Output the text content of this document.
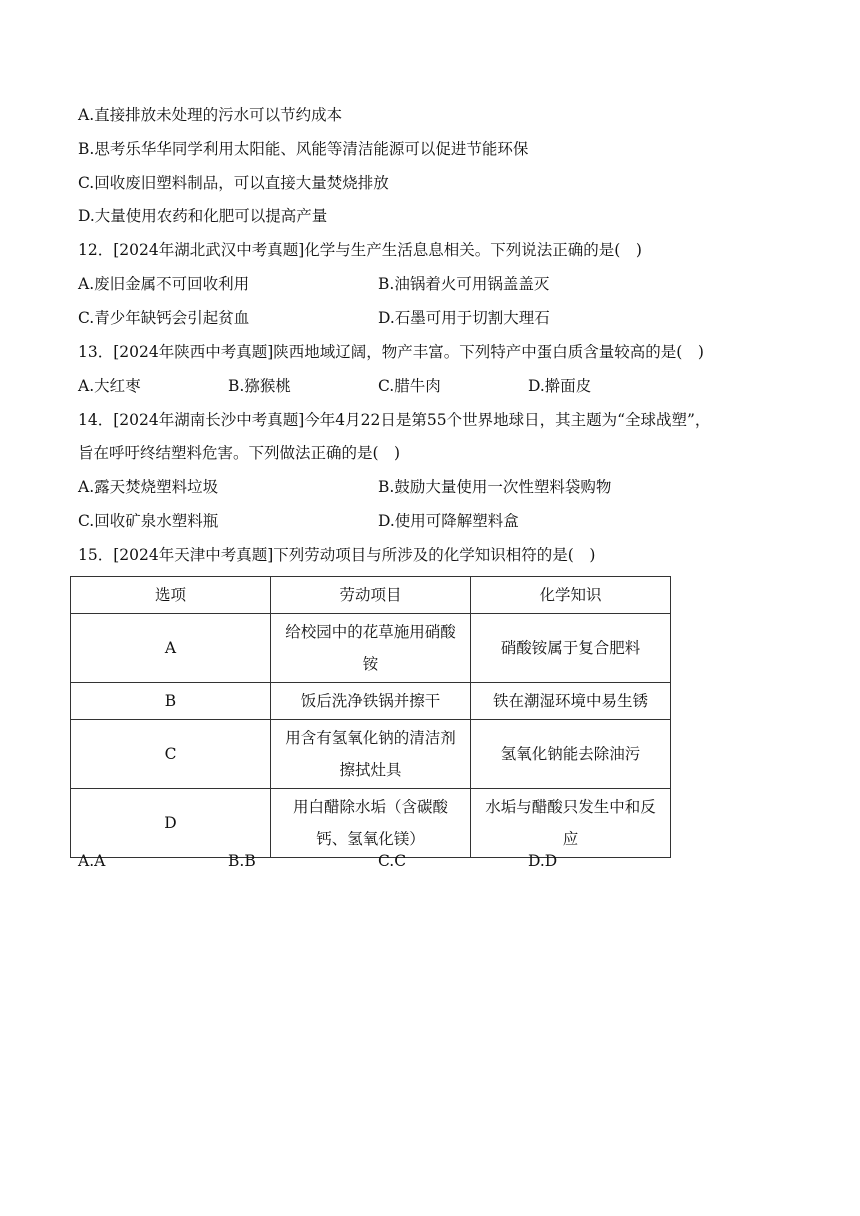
A.直接排放未处理的污水可以节约成本
B.思考乐华华同学利用太阳能、风能等清洁能源可以促进节能环保
C.回收废旧塑料制品，可以直接大量焚烧排放
D.大量使用农药和化肥可以提高产量
12．[2024年湖北武汉中考真题]化学与生产生活息息相关。下列说法正确的是(　)
A.废旧金属不可回收利用	B.油锅着火可用锅盖盖灭
C.青少年缺钙会引起贫血	D.石墨可用于切割大理石
13．[2024年陕西中考真题]陕西地域辽阔，物产丰富。下列特产中蛋白质含量较高的是(　)
A.大红枣	B.猕猴桃	C.腊牛肉	D.擀面皮
14．[2024年湖南长沙中考真题]今年4月22日是第55个世界地球日，其主题为“全球战塑”，
旨在呼吁终结塑料危害。下列做法正确的是(　)
A.露天焚烧塑料垃圾	B.鼓励大量使用一次性塑料袋购物
C.回收矿泉水塑料瓶	D.使用可降解塑料盒
15．[2024年天津中考真题]下列劳动项目与所涉及的化学知识相符的是(　)
选项	劳动项目	化学知识
A	给校园中的花草施用硝酸铵	硝酸铵属于复合肥料
B	饭后洗净铁锅并擦干	铁在潮湿环境中易生锈
C	用含有氢氧化钠的清洁剂擦拭灶具	氢氧化钠能去除油污
D	用白醋除水垢（含碳酸钙、氢氧化镁）	水垢与醋酸只发生中和反应
A.A	B.B	C.C	D.D
